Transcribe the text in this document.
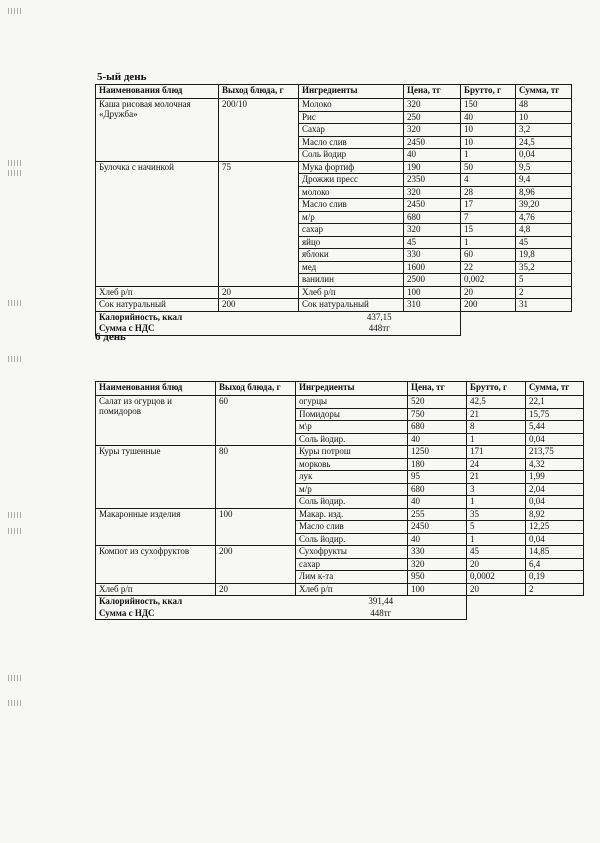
5-ый день
Наименования блюд	Выход блюда, г	Ингредиенты	Цена, тг	Брутто, г	Сумма, тг
Каша рисовая молочная «Дружба»	200/10	Молоко	320	150	48
		Рис	250	40	10
		Сахар	320	10	3,2
		Масло слив	2450	10	24,5
		Соль йодир	40	1	0,04
Булочка с начинкой	75	Мука фортиф	190	50	9,5
		Дрожжи пресс	2350	4	9,4
		молоко	320	28	8,96
		Масло слив	2450	17	39,20
		м/р	680	7	4,76
		сахар	320	15	4,8
		яйцо	45	1	45
		яблоки	330	60	19,8
		мед	1600	22	35,2
		ванилин	2500	0,002	5
Хлеб р/п	20	Хлеб р/п	100	20	2
Сок натуральный	200	Сок натуральный	310	200	31
Калорийность, ккал		437,15			
Сумма с НДС		448тг			
6 день
Наименования блюд	Выход блюда, г	Ингредиенты	Цена, тг	Брутто, г	Сумма, тг
Салат из огурцов и помидоров	60	огурцы	520	42,5	22,1
		Помидоры	750	21	15,75
		м\р	680	8	5,44
		Соль йодир.	40	1	0,04
Куры тушенные	80	Куры потрош	1250	171	213,75
		морковь	180	24	4,32
		лук	95	21	1,99
		м/р	680	3	2,04
		Соль йодир.	40	1	0,04
Макаронные изделия	100	Макар. изд.	255	35	8,92
		Масло слив	2450	5	12,25
		Соль йодир.	40	1	0,04
Компот из сухофруктов	200	Сухофрукты	330	45	14,85
		сахар	320	20	6,4
		Лим к-та	950	0,0002	0,19
Хлеб р/п	20	Хлеб р/п	100	20	2
Калорийность, ккал		391,44			
Сумма с НДС		448тг			
